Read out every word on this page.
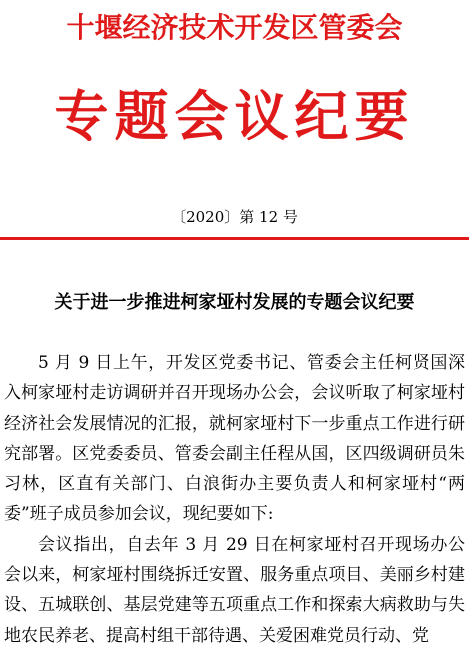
十堰经济技术开发区管委会
专题会议纪要
〔2020〕第 12 号
关于进一步推进柯家垭村发展的专题会议纪要

5 月 9 日上午，开发区党委书记、管委会主任柯贤国深入柯家垭村走访调研并召开现场办公会，会议听取了柯家垭村经济社会发展情况的汇报，就柯家垭村下一步重点工作进行研究部署。区党委委员、管委会副主任程从国，区四级调研员朱习林，区直有关部门、白浪街办主要负责人和柯家垭村“两委”班子成员参加会议，现纪要如下:

会议指出，自去年 3 月 29 日在柯家垭村召开现场办公会以来，柯家垭村围绕拆迁安置、服务重点项目、美丽乡村建设、五城联创、基层党建等五项重点工作和探索大病救助与失地农民养老、提高村组干部待遇、关爱困难党员行动、党
